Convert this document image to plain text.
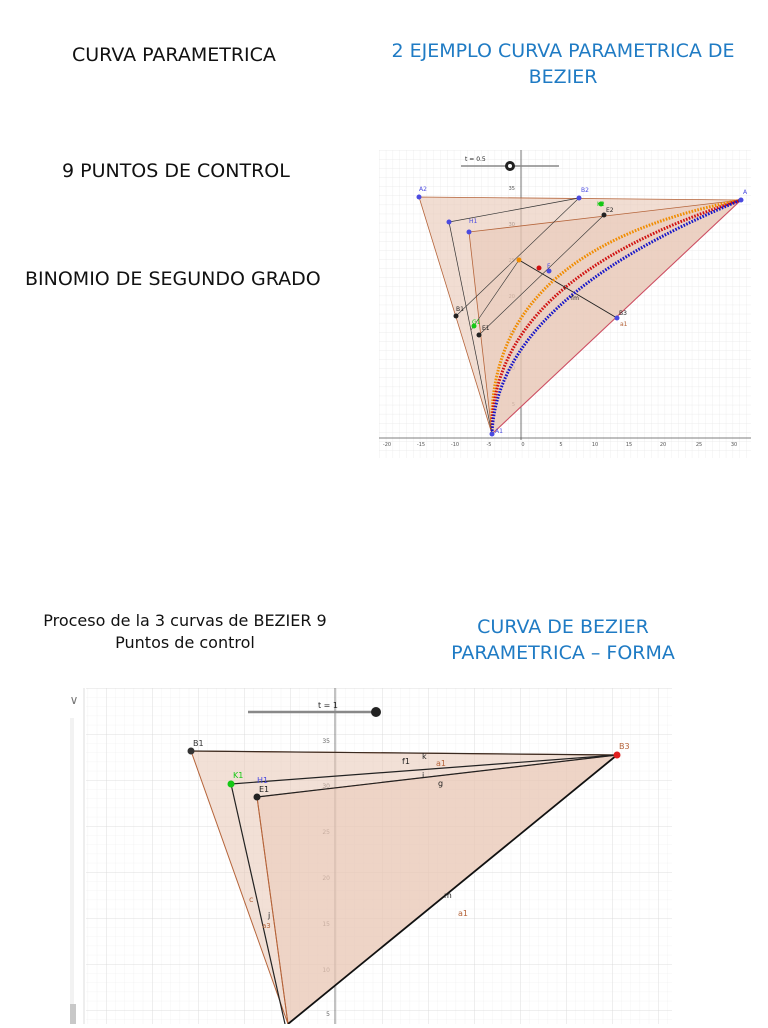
CURVA PARAMETRICA	2 EJEMPLO CURVA PARAMETRICA DE BEZIER

9 PUNTOS DE CONTROL

BINOMIO DE SEGUNDO GRADO

Proceso de la 3 curvas de BEZIER 9 Puntos de control

CURVA DE BEZIER PARAMETRICA – FORMA

35
-20	-15	-10	-5	0	5	10	15	20	25	30
t = 0.5
A2	B2	A
H1
K2
E2
B3
A1
E1
B1
G1
F
a1
fm
l
∨
35
5
t = 1
B1
K1
H1
E1
B3
f1
k
a1
i
g
m
a1
c
j
a3
